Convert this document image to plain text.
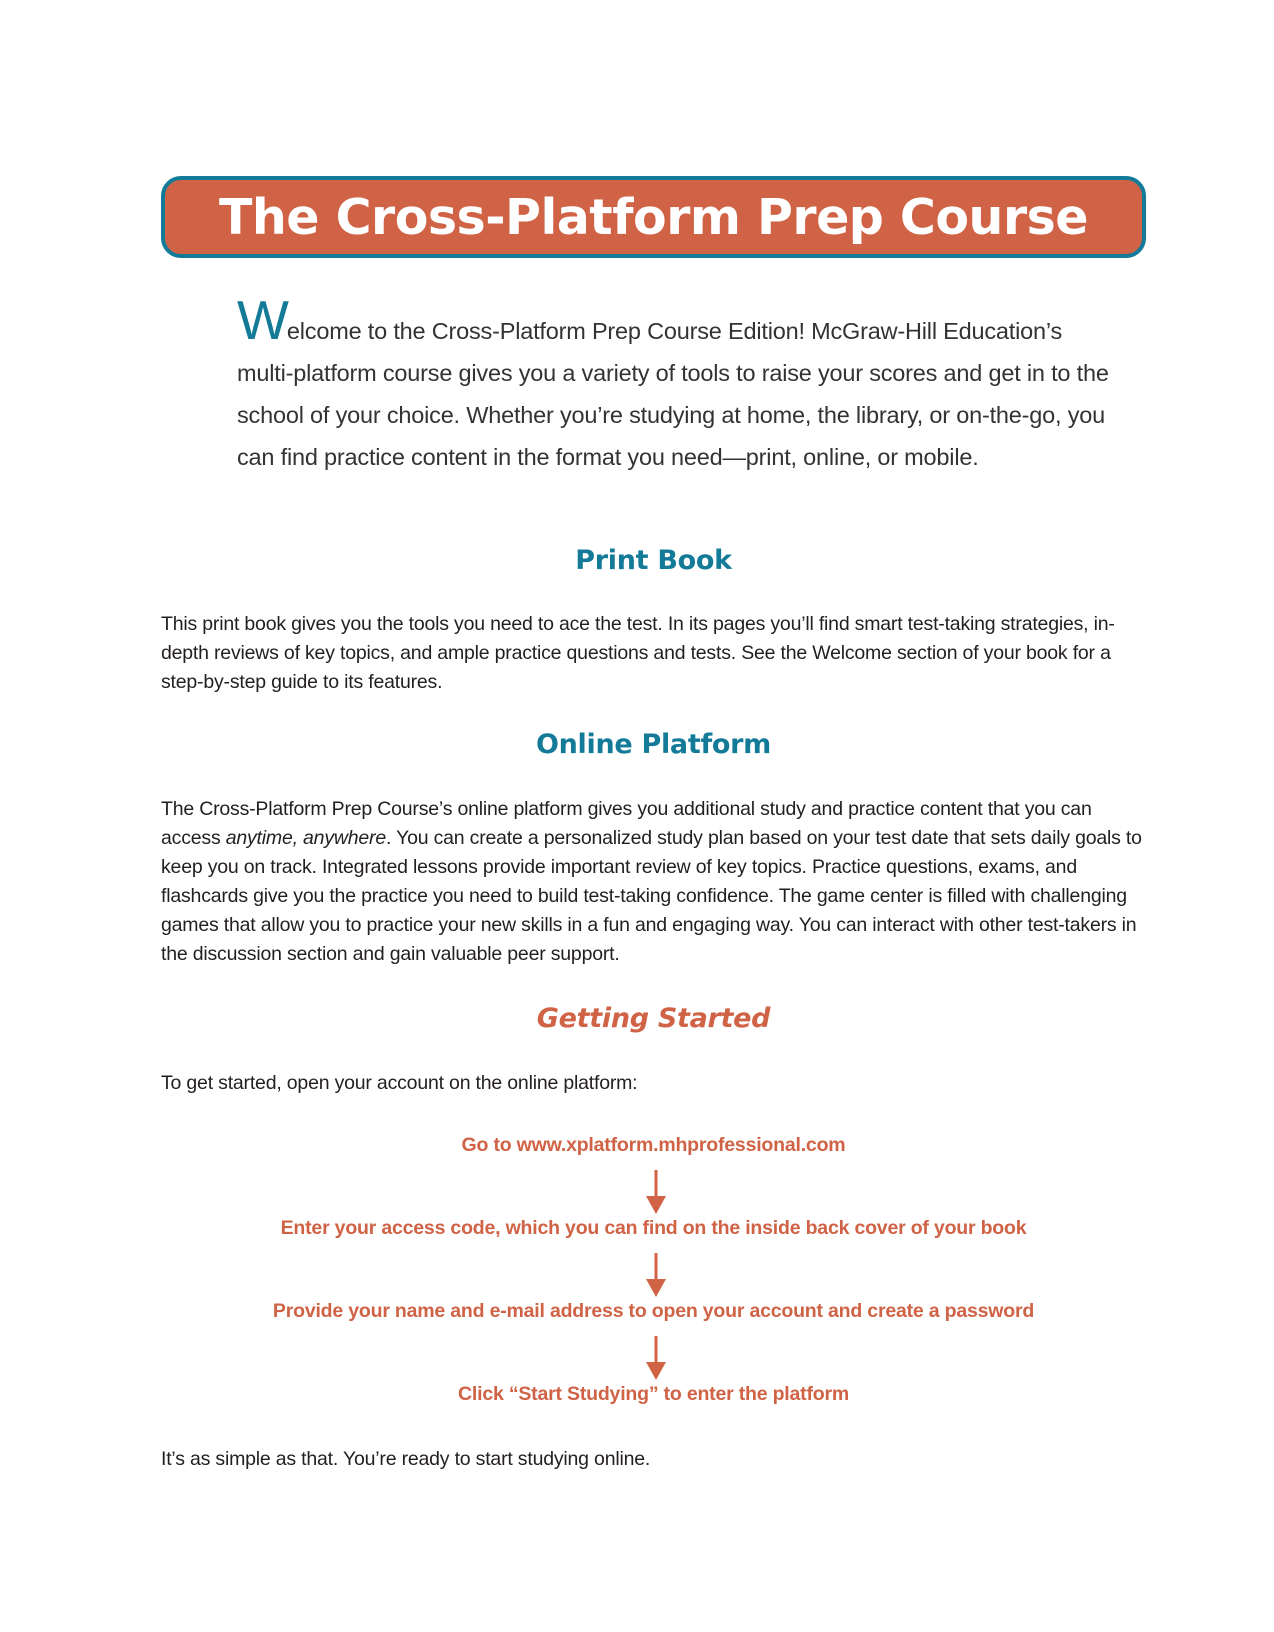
The Cross-Platform Prep Course

Welcome to the Cross-Platform Prep Course Edition! McGraw-Hill Education’s multi-platform course gives you a variety of tools to raise your scores and get in to the school of your choice. Whether you’re studying at home, the library, or on-the-go, you can find practice content in the format you need—print, online, or mobile.

Print Book

This print book gives you the tools you need to ace the test. In its pages you’ll find smart test-taking strategies, in-depth reviews of key topics, and ample practice questions and tests. See the Welcome section of your book for a step-by-step guide to its features.

Online Platform

The Cross-Platform Prep Course’s online platform gives you additional study and practice content that you can access anytime, anywhere. You can create a personalized study plan based on your test date that sets daily goals to keep you on track. Integrated lessons provide important review of key topics. Practice questions, exams, and flashcards give you the practice you need to build test-taking confidence. The game center is filled with challenging games that allow you to practice your new skills in a fun and engaging way. You can interact with other test-takers in the discussion section and gain valuable peer support.

Getting Started

To get started, open your account on the online platform:

Go to www.xplatform.mhprofessional.com

Enter your access code, which you can find on the inside back cover of your book

Provide your name and e-mail address to open your account and create a password

Click “Start Studying” to enter the platform

It’s as simple as that. You’re ready to start studying online.
